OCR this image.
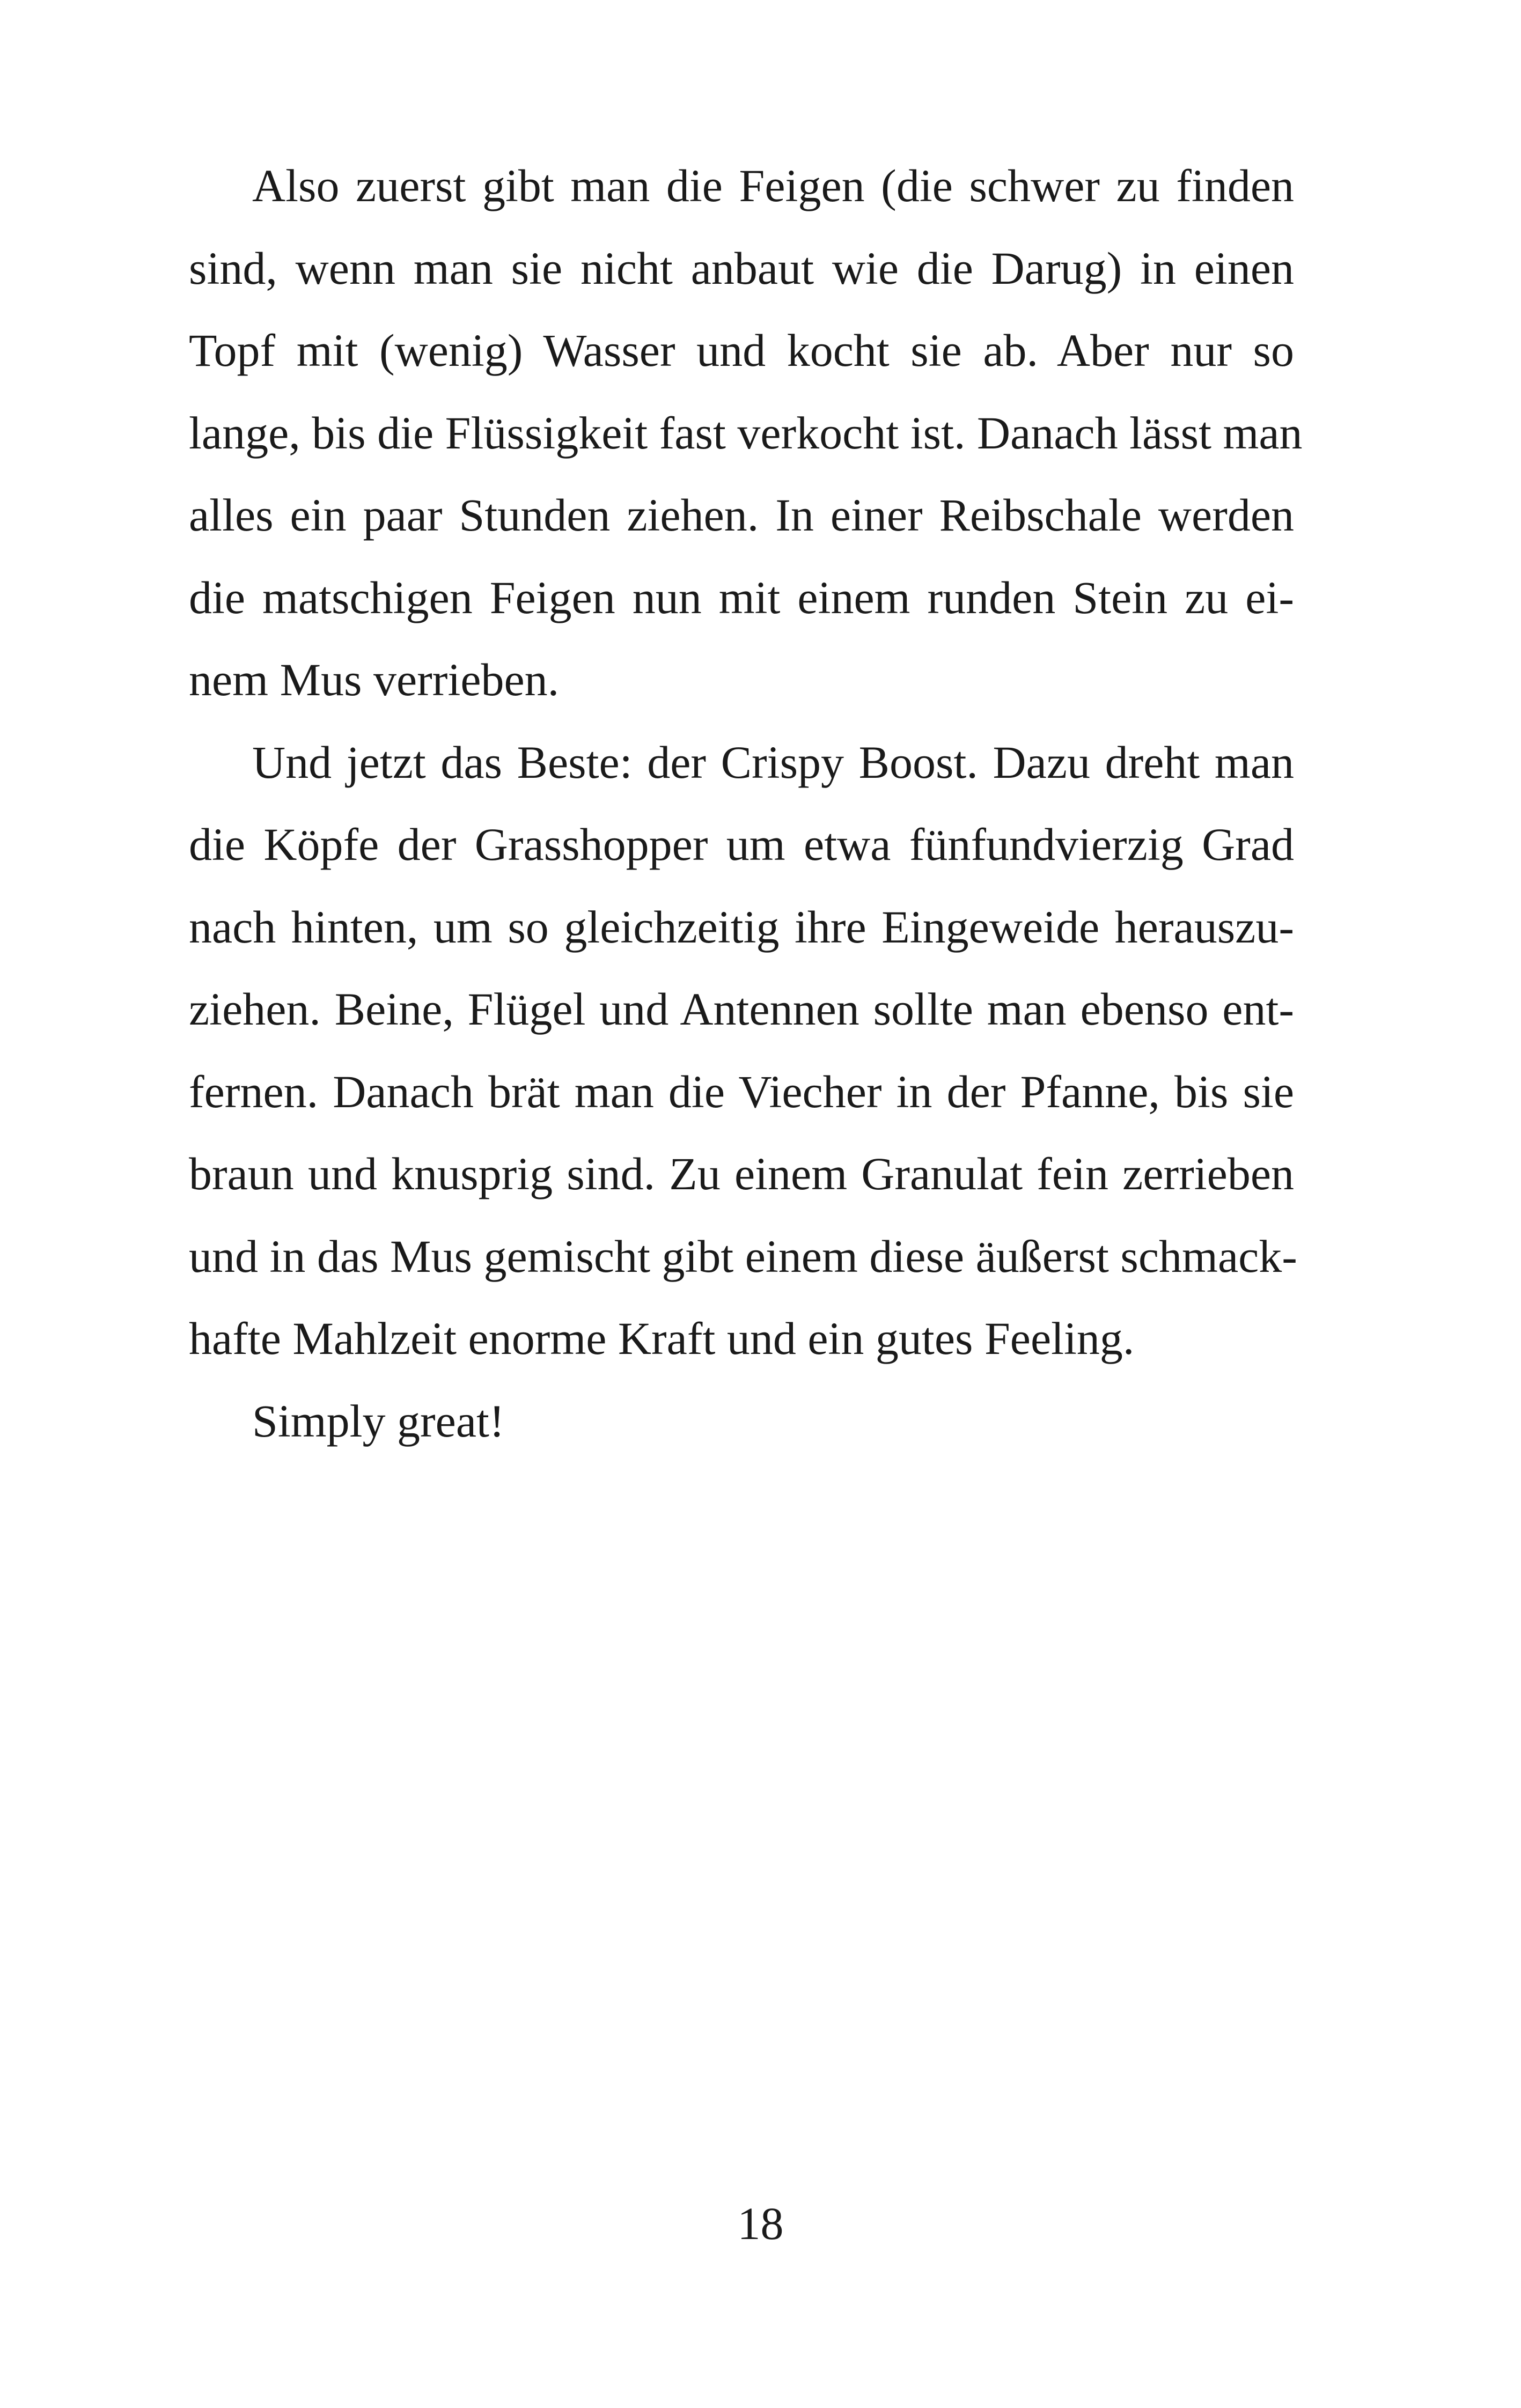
Also zuerst gibt man die Feigen (die schwer zu finden
sind, wenn man sie nicht anbaut wie die Darug) in einen
Topf mit (wenig) Wasser und kocht sie ab. Aber nur so
lange, bis die Flüssigkeit fast verkocht ist. Danach lässt man
alles ein paar Stunden ziehen. In einer Reibschale werden
die matschigen Feigen nun mit einem runden Stein zu ei-
nem Mus verrieben.
Und jetzt das Beste: der Crispy Boost. Dazu dreht man
die Köpfe der Grasshopper um etwa fünfundvierzig Grad
nach hinten, um so gleichzeitig ihre Eingeweide herauszu-
ziehen. Beine, Flügel und Antennen sollte man ebenso ent-
fernen. Danach brät man die Viecher in der Pfanne, bis sie
braun und knusprig sind. Zu einem Granulat fein zerrieben
und in das Mus gemischt gibt einem diese äußerst schmack-
hafte Mahlzeit enorme Kraft und ein gutes Feeling.
Simply great!
18
